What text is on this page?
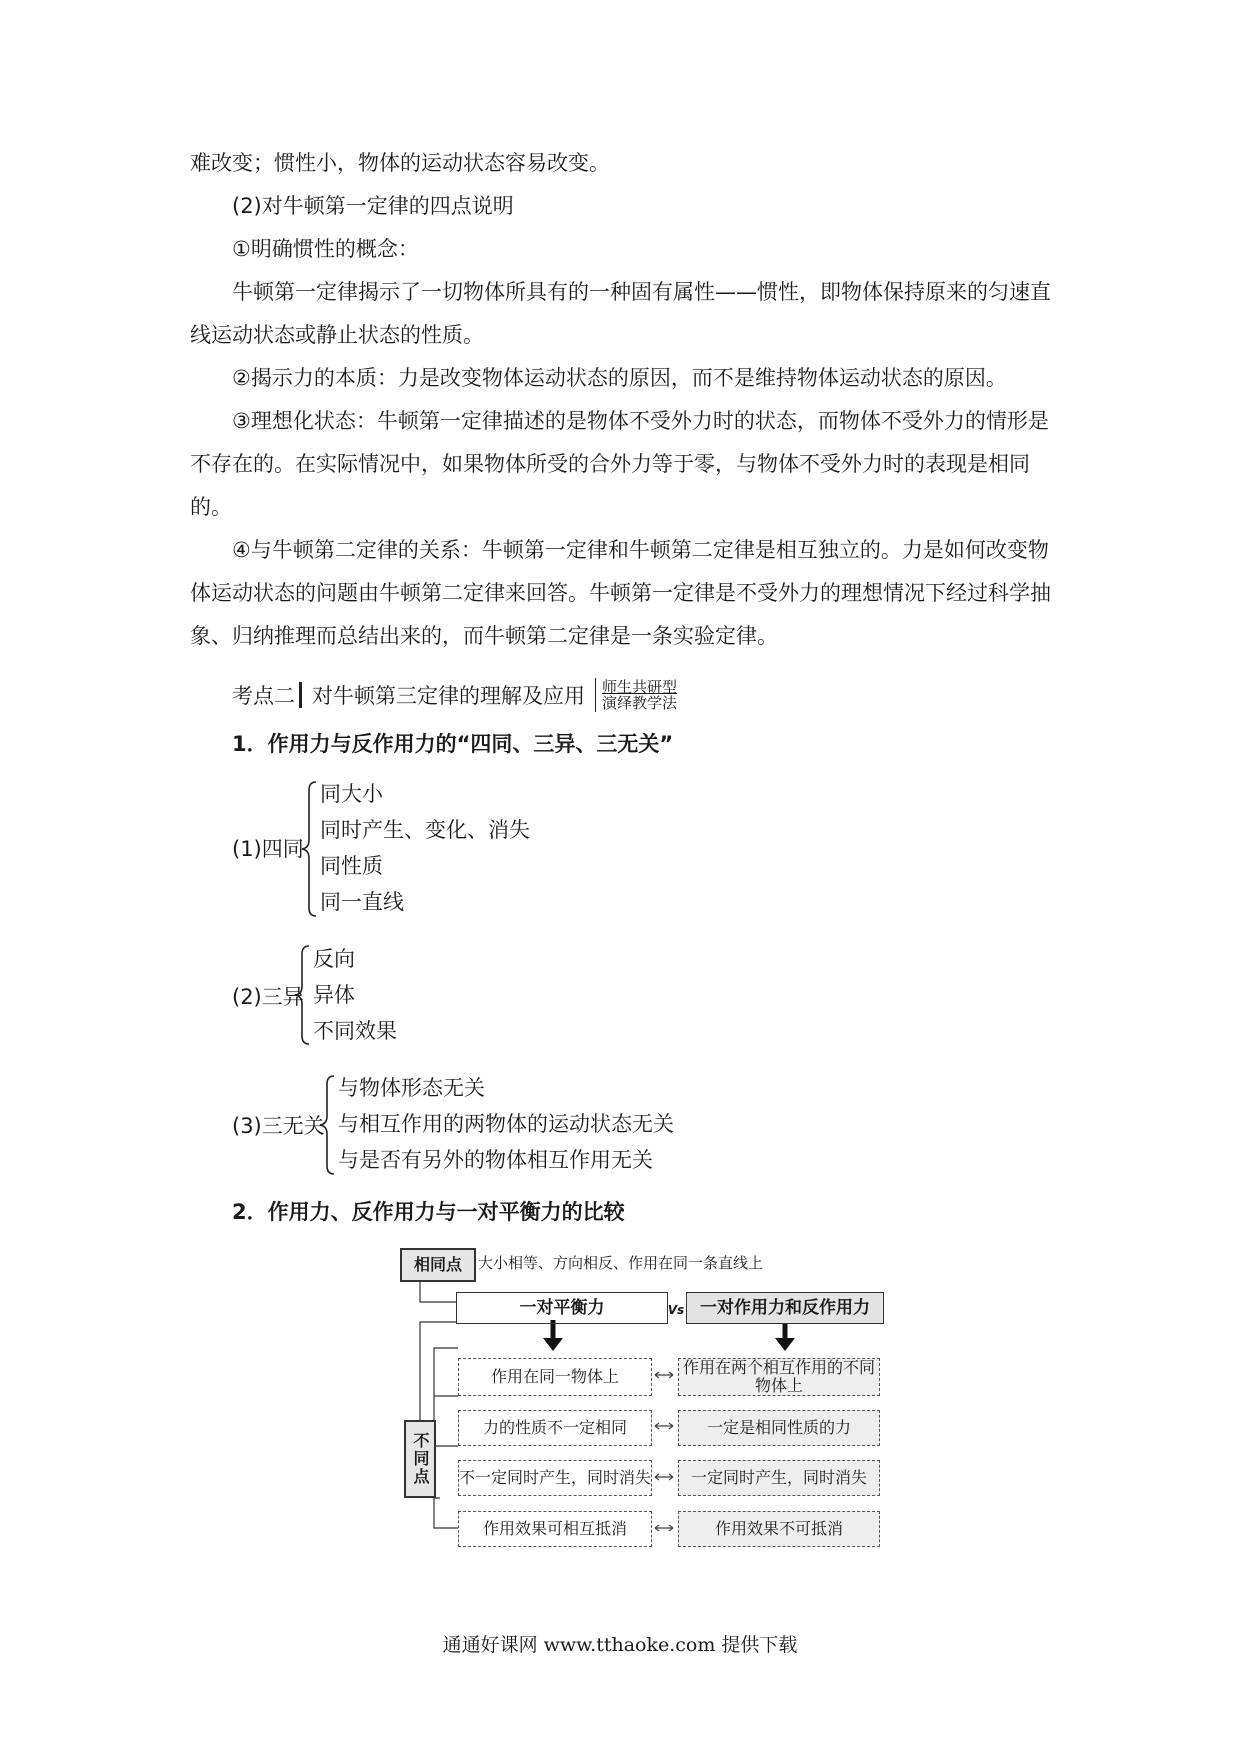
难改变；惯性小，物体的运动状态容易改变。

(2)对牛顿第一定律的四点说明

①明确惯性的概念：

牛顿第一定律揭示了一切物体所具有的一种固有属性——惯性，即物体保持原来的匀速直线运动状态或静止状态的性质。

②揭示力的本质：力是改变物体运动状态的原因，而不是维持物体运动状态的原因。

③理想化状态：牛顿第一定律描述的是物体不受外力时的状态，而物体不受外力的情形是不存在的。在实际情况中，如果物体所受的合外力等于零，与物体不受外力时的表现是相同的。

④与牛顿第二定律的关系：牛顿第一定律和牛顿第二定律是相互独立的。力是如何改变物体运动状态的问题由牛顿第二定律来回答。牛顿第一定律是不受外力的理想情况下经过科学抽象、归纳推理而总结出来的，而牛顿第二定律是一条实验定律。

考点二 对牛顿第三定律的理解及应用 师生共研型
演绎教学法
1．作用力与反作用力的“四同、三异、三无关”
(1)四同
同大小
同时产生、变化、消失
同性质
同一直线
(2)三异
反向
异体
不同效果
(3)三无关
与物体形态无关
与相互作用的两物体的运动状态无关
与是否有另外的物体相互作用无关
2．作用力、反作用力与一对平衡力的比较
相同点	大小相等、方向相反、作用在同一条直线上
一对平衡力	Vs 一对作用力和反作用力
不同点
作用在同一物体上	作用在两个相互作用的不同物体上
力的性质不一定相同	一定是相同性质的力
不一定同时产生，同时消失	一定同时产生，同时消失
作用效果可相互抵消	作用效果不可抵消
通通好课网 www.tthaoke.com 提供下载
